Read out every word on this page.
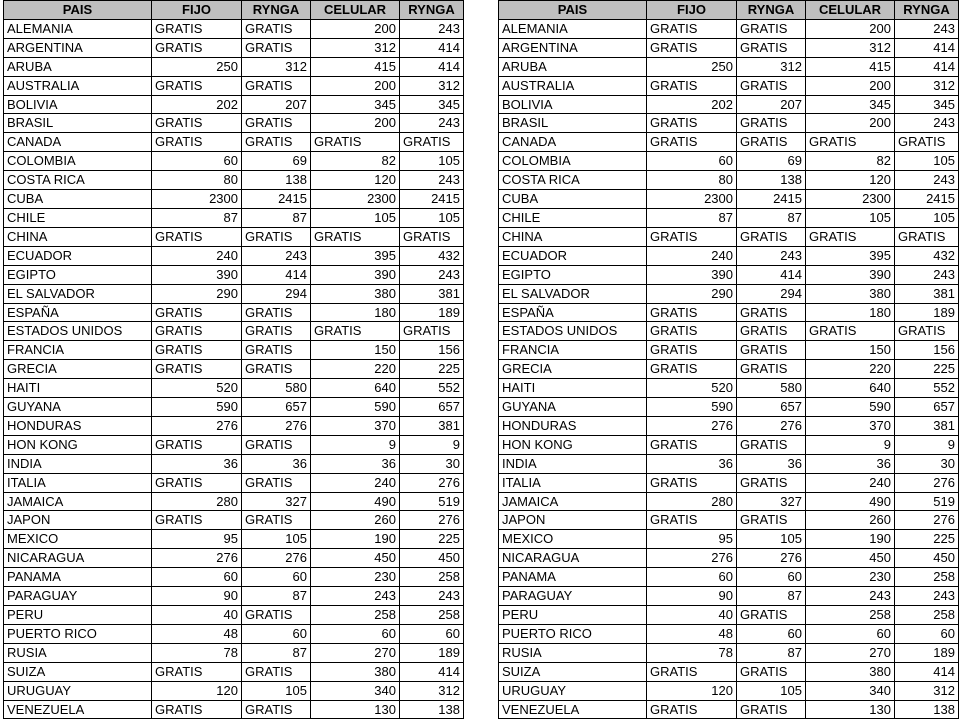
PAIS	FIJO	RYNGA	CELULAR	RYNGA
ALEMANIA	GRATIS	GRATIS	200	243
ARGENTINA	GRATIS	GRATIS	312	414
ARUBA	250	312	415	414
AUSTRALIA	GRATIS	GRATIS	200	312
BOLIVIA	202	207	345	345
BRASIL	GRATIS	GRATIS	200	243
CANADA	GRATIS	GRATIS	GRATIS	GRATIS
COLOMBIA	60	69	82	105
COSTA RICA	80	138	120	243
CUBA	2300	2415	2300	2415
CHILE	87	87	105	105
CHINA	GRATIS	GRATIS	GRATIS	GRATIS
ECUADOR	240	243	395	432
EGIPTO	390	414	390	243
EL SALVADOR	290	294	380	381
ESPAÑA	GRATIS	GRATIS	180	189
ESTADOS UNIDOS	GRATIS	GRATIS	GRATIS	GRATIS
FRANCIA	GRATIS	GRATIS	150	156
GRECIA	GRATIS	GRATIS	220	225
HAITI	520	580	640	552
GUYANA	590	657	590	657
HONDURAS	276	276	370	381
HON KONG	GRATIS	GRATIS	9	9
INDIA	36	36	36	30
ITALIA	GRATIS	GRATIS	240	276
JAMAICA	280	327	490	519
JAPON	GRATIS	GRATIS	260	276
MEXICO	95	105	190	225
NICARAGUA	276	276	450	450
PANAMA	60	60	230	258
PARAGUAY	90	87	243	243
PERU	40	GRATIS	258	258
PUERTO RICO	48	60	60	60
RUSIA	78	87	270	189
SUIZA	GRATIS	GRATIS	380	414
URUGUAY	120	105	340	312
VENEZUELA	GRATIS	GRATIS	130	138
PAIS	FIJO	RYNGA	CELULAR	RYNGA
ALEMANIA	GRATIS	GRATIS	200	243
ARGENTINA	GRATIS	GRATIS	312	414
ARUBA	250	312	415	414
AUSTRALIA	GRATIS	GRATIS	200	312
BOLIVIA	202	207	345	345
BRASIL	GRATIS	GRATIS	200	243
CANADA	GRATIS	GRATIS	GRATIS	GRATIS
COLOMBIA	60	69	82	105
COSTA RICA	80	138	120	243
CUBA	2300	2415	2300	2415
CHILE	87	87	105	105
CHINA	GRATIS	GRATIS	GRATIS	GRATIS
ECUADOR	240	243	395	432
EGIPTO	390	414	390	243
EL SALVADOR	290	294	380	381
ESPAÑA	GRATIS	GRATIS	180	189
ESTADOS UNIDOS	GRATIS	GRATIS	GRATIS	GRATIS
FRANCIA	GRATIS	GRATIS	150	156
GRECIA	GRATIS	GRATIS	220	225
HAITI	520	580	640	552
GUYANA	590	657	590	657
HONDURAS	276	276	370	381
HON KONG	GRATIS	GRATIS	9	9
INDIA	36	36	36	30
ITALIA	GRATIS	GRATIS	240	276
JAMAICA	280	327	490	519
JAPON	GRATIS	GRATIS	260	276
MEXICO	95	105	190	225
NICARAGUA	276	276	450	450
PANAMA	60	60	230	258
PARAGUAY	90	87	243	243
PERU	40	GRATIS	258	258
PUERTO RICO	48	60	60	60
RUSIA	78	87	270	189
SUIZA	GRATIS	GRATIS	380	414
URUGUAY	120	105	340	312
VENEZUELA	GRATIS	GRATIS	130	138
